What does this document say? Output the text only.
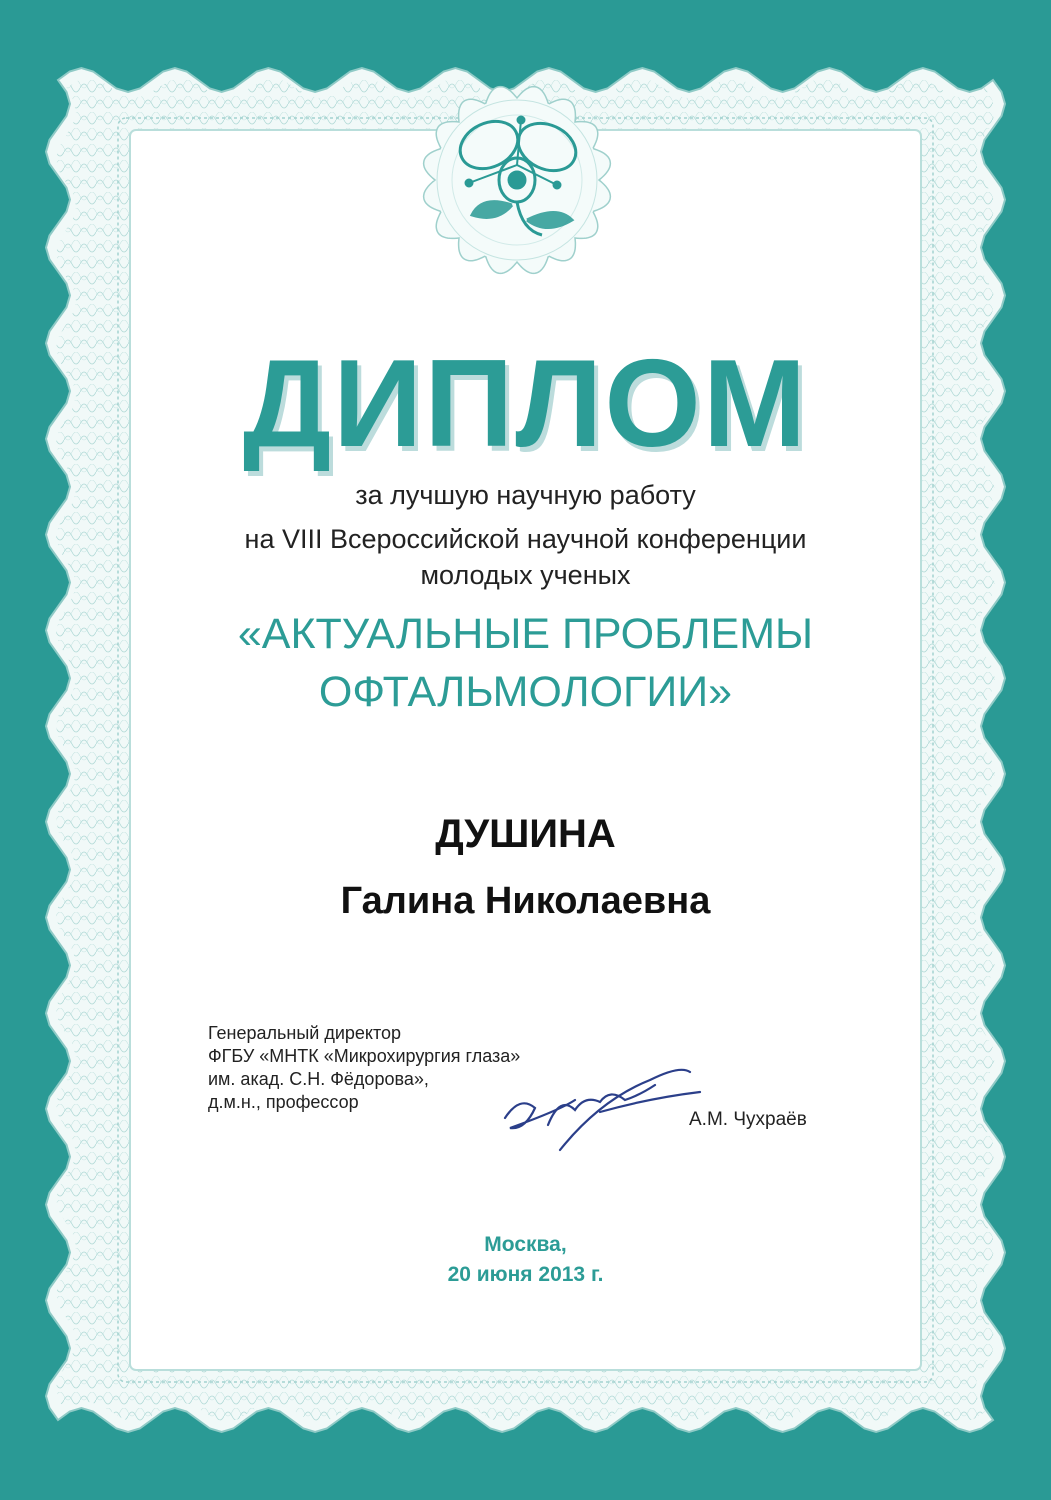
ДИПЛОМ
за лучшую научную работу
на VIII Всероссийской научной конференции
молодых ученых
«АКТУАЛЬНЫЕ ПРОБЛЕМЫ
ОФТАЛЬМОЛОГИИ»
ДУШИНА
Галина Николаевна
Генеральный директор
ФГБУ «МНТК «Микрохирургия глаза»
им. акад. С.Н. Фёдорова»,
д.м.н., профессор
А.М. Чухраёв
Москва,
20 июня 2013 г.
